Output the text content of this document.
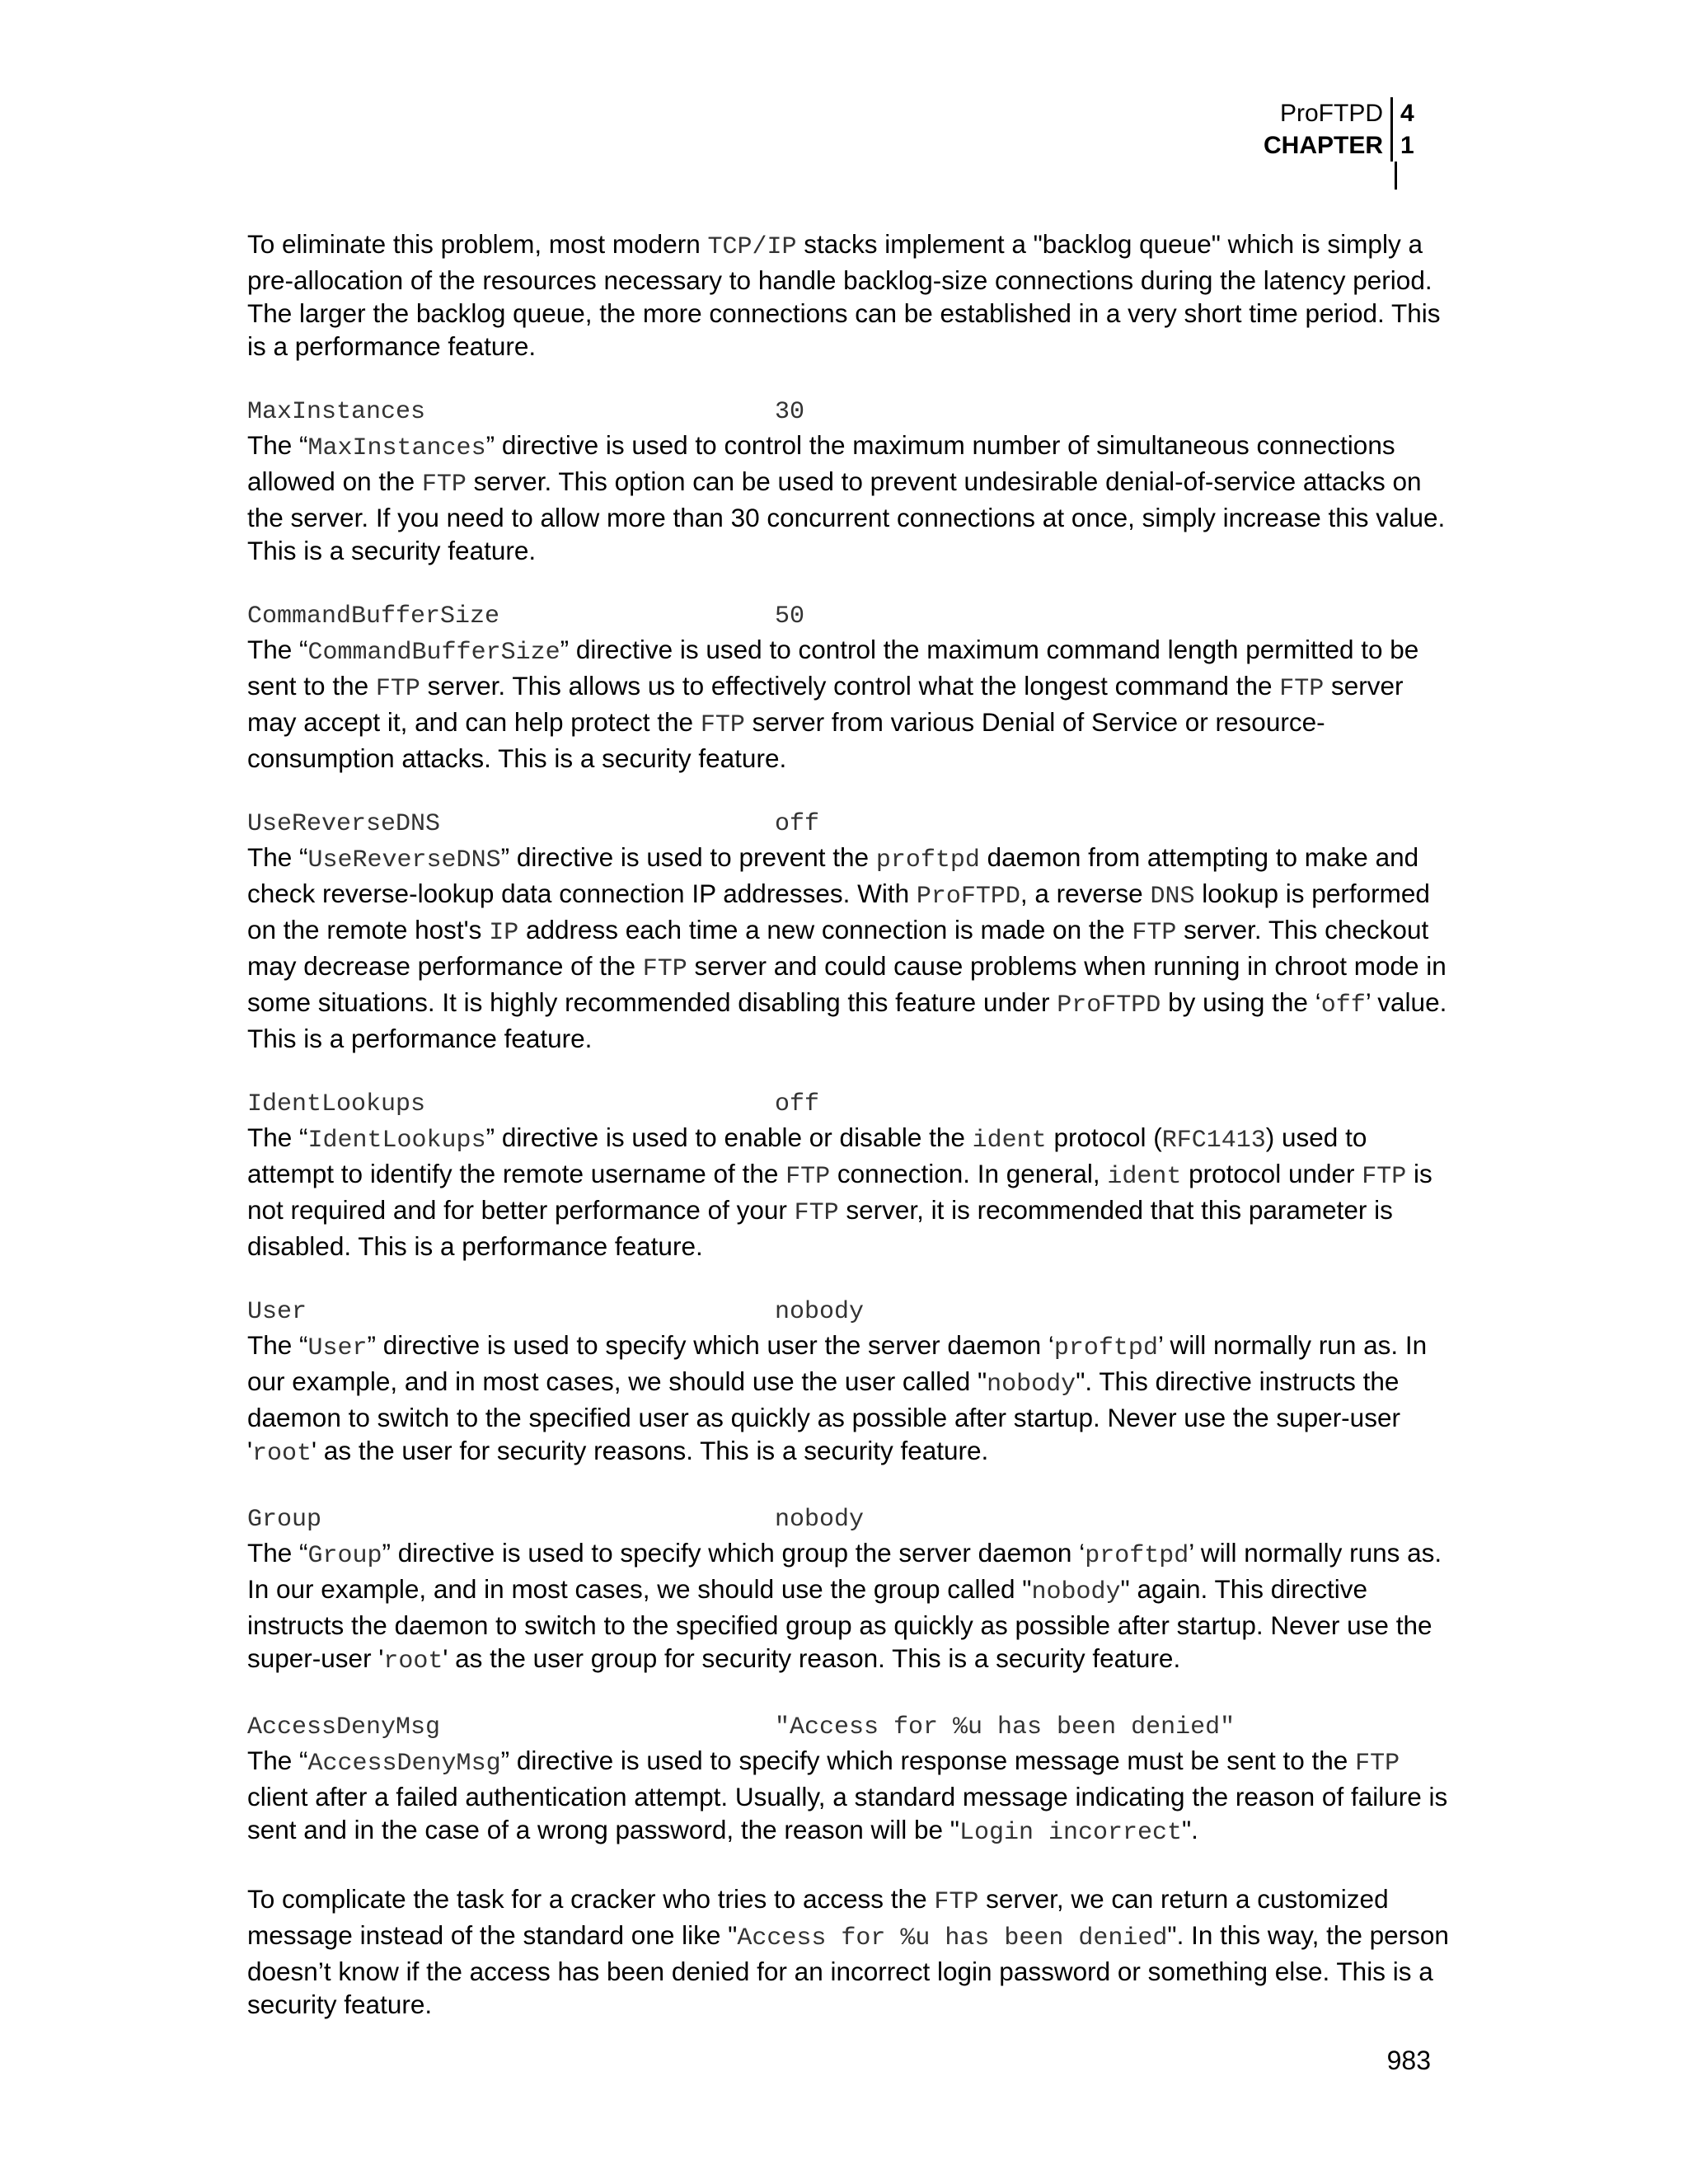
ProFTPD 4
CHAPTER 1

To eliminate this problem, most modern TCP/IP stacks implement a "backlog queue" which is simply a pre-allocation of the resources necessary to handle backlog-size connections during the latency period. The larger the backlog queue, the more connections can be established in a very short time period. This is a performance feature.

MaxInstances	30
The “MaxInstances” directive is used to control the maximum number of simultaneous connections allowed on the FTP server. This option can be used to prevent undesirable denial-of-service attacks on the server. If you need to allow more than 30 concurrent connections at once, simply increase this value. This is a security feature.
CommandBufferSize	50
The “CommandBufferSize” directive is used to control the maximum command length permitted to be sent to the FTP server. This allows us to effectively control what the longest command the FTP server may accept it, and can help protect the FTP server from various Denial of Service or resource-consumption attacks. This is a security feature.
UseReverseDNS	off
The “UseReverseDNS” directive is used to prevent the proftpd daemon from attempting to make and check reverse-lookup data connection IP addresses. With ProFTPD, a reverse DNS lookup is performed on the remote host's IP address each time a new connection is made on the FTP server. This checkout may decrease performance of the FTP server and could cause problems when running in chroot mode in some situations. It is highly recommended disabling this feature under ProFTPD by using the ‘off’ value. This is a performance feature.
IdentLookups	off
The “IdentLookups” directive is used to enable or disable the ident protocol (RFC1413) used to attempt to identify the remote username of the FTP connection. In general, ident protocol under FTP is not required and for better performance of your FTP server, it is recommended that this parameter is disabled. This is a performance feature.
User	nobody
The “User” directive is used to specify which user the server daemon ‘proftpd’ will normally run as. In our example, and in most cases, we should use the user called "nobody". This directive instructs the daemon to switch to the specified user as quickly as possible after startup. Never use the super-user 'root' as the user for security reasons. This is a security feature.
Group	nobody
The “Group” directive is used to specify which group the server daemon ‘proftpd’ will normally runs as. In our example, and in most cases, we should use the group called "nobody" again. This directive instructs the daemon to switch to the specified group as quickly as possible after startup. Never use the super-user 'root' as the user group for security reason. This is a security feature.
AccessDenyMsg	"Access for %u has been denied"
The “AccessDenyMsg” directive is used to specify which response message must be sent to the FTP client after a failed authentication attempt. Usually, a standard message indicating the reason of failure is sent and in the case of a wrong password, the reason will be "Login incorrect".

To complicate the task for a cracker who tries to access the FTP server, we can return a customized message instead of the standard one like "Access for %u has been denied". In this way, the person doesn’t know if the access has been denied for an incorrect login password or something else. This is a security feature.

983
